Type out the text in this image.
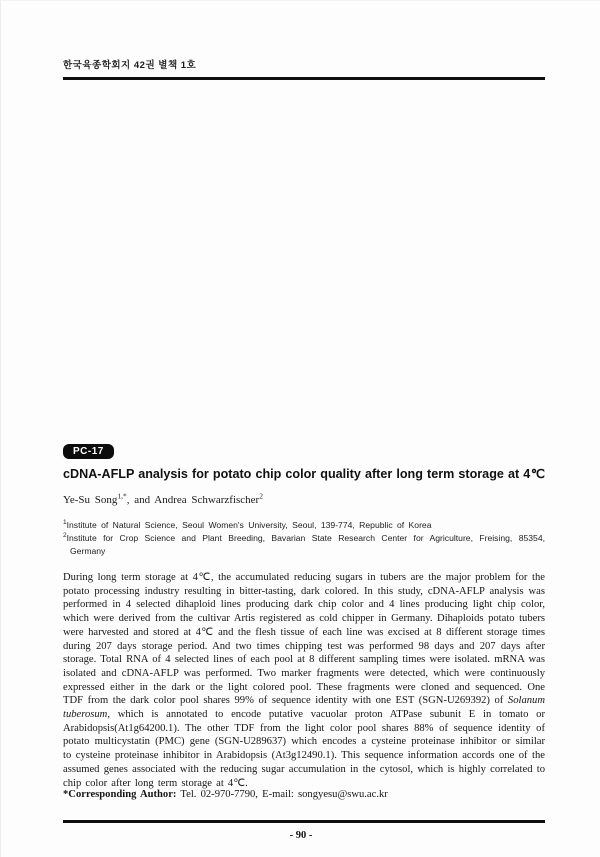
한국육종학회지 42권 별책 1호
PC-17
cDNA-AFLP analysis for potato chip color quality after long term storage at 4℃
Ye-Su Song$^{1,*}$, and Andrea Schwarzfischer$^2$
$^1$Institute of Natural Science, Seoul Women's University, Seoul, 139-774, Republic of Korea
$^2$Institute for Crop Science and Plant Breeding, Bavarian State Research Center for Agriculture, Freising, 85354, Germany
During long term storage at 4℃, the accumulated reducing sugars in tubers are the major problem for the potato processing industry resulting in bitter-tasting, dark colored. In this study, cDNA-AFLP analysis was performed in 4 selected dihaploid lines producing dark chip color and 4 lines producing light chip color, which were derived from the cultivar Artis registered as cold chipper in Germany. Dihaploids potato tubers were harvested and stored at 4℃ and the flesh tissue of each line was excised at 8 different storage times during 207 days storage period. And two times chipping test was performed 98 days and 207 days after storage. Total RNA of 4 selected lines of each pool at 8 different sampling times were isolated. mRNA was isolated and cDNA-AFLP was performed. Two marker fragments were detected, which were continuously expressed either in the dark or the light colored pool. These fragments were cloned and sequenced. One TDF from the dark color pool shares 99% of sequence identity with one EST (SGN-U269392) of Solanum tuberosum, which is annotated to encode putative vacuolar proton ATPase subunit E in tomato or Arabidopsis(At1g64200.1). The other TDF from the light color pool shares 88% of sequence identity of potato multicystatin (PMC) gene (SGN-U289637) which encodes a cysteine proteinase inhibitor or similar to cysteine proteinase inhibitor in Arabidopsis (At3g12490.1). This sequence information accords one of the assumed genes associated with the reducing sugar accumulation in the cytosol, which is highly correlated to chip color after long term storage at 4℃.
*Corresponding Author: Tel. 02-970-7790, E-mail: songyesu@swu.ac.kr
- 90 -
